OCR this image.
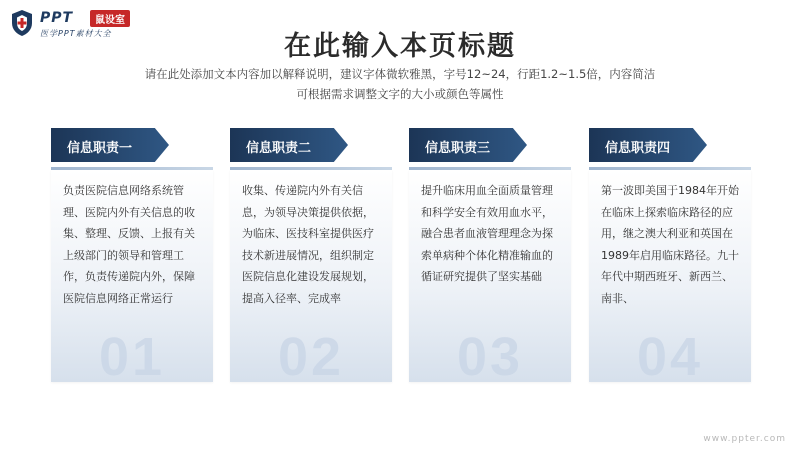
PPT	鼠设室
医学PPT素材大全	在此输入本页标题
请在此处添加文本内容加以解释说明，建议字体微软雅黑，字号12~24，行距1.2~1.5倍，内容简洁
可根据需求调整文字的大小或颜色等属性
信息职责一
负责医院信息网络系统管理、医院内外有关信息的收集、整理、反馈、上报有关上级部门的领导和管理工作，负责传递院内外，保障医院信息网络正常运行
01
信息职责二
收集、传递院内外有关信息，为领导决策提供依据，为临床、医技科室提供医疗技术新进展情况，组织制定医院信息化建设发展规划，提高入径率、完成率
02
信息职责三
提升临床用血全面质量管理和科学安全有效用血水平，融合患者血液管理理念为探索单病种个体化精准输血的循证研究提供了坚实基础
03
信息职责四
第一波即美国于1984年开始在临床上探索临床路径的应用，继之澳大利亚和英国在1989年启用临床路径。九十年代中期西班牙、新西兰、南非、
04
www.ppter.com
